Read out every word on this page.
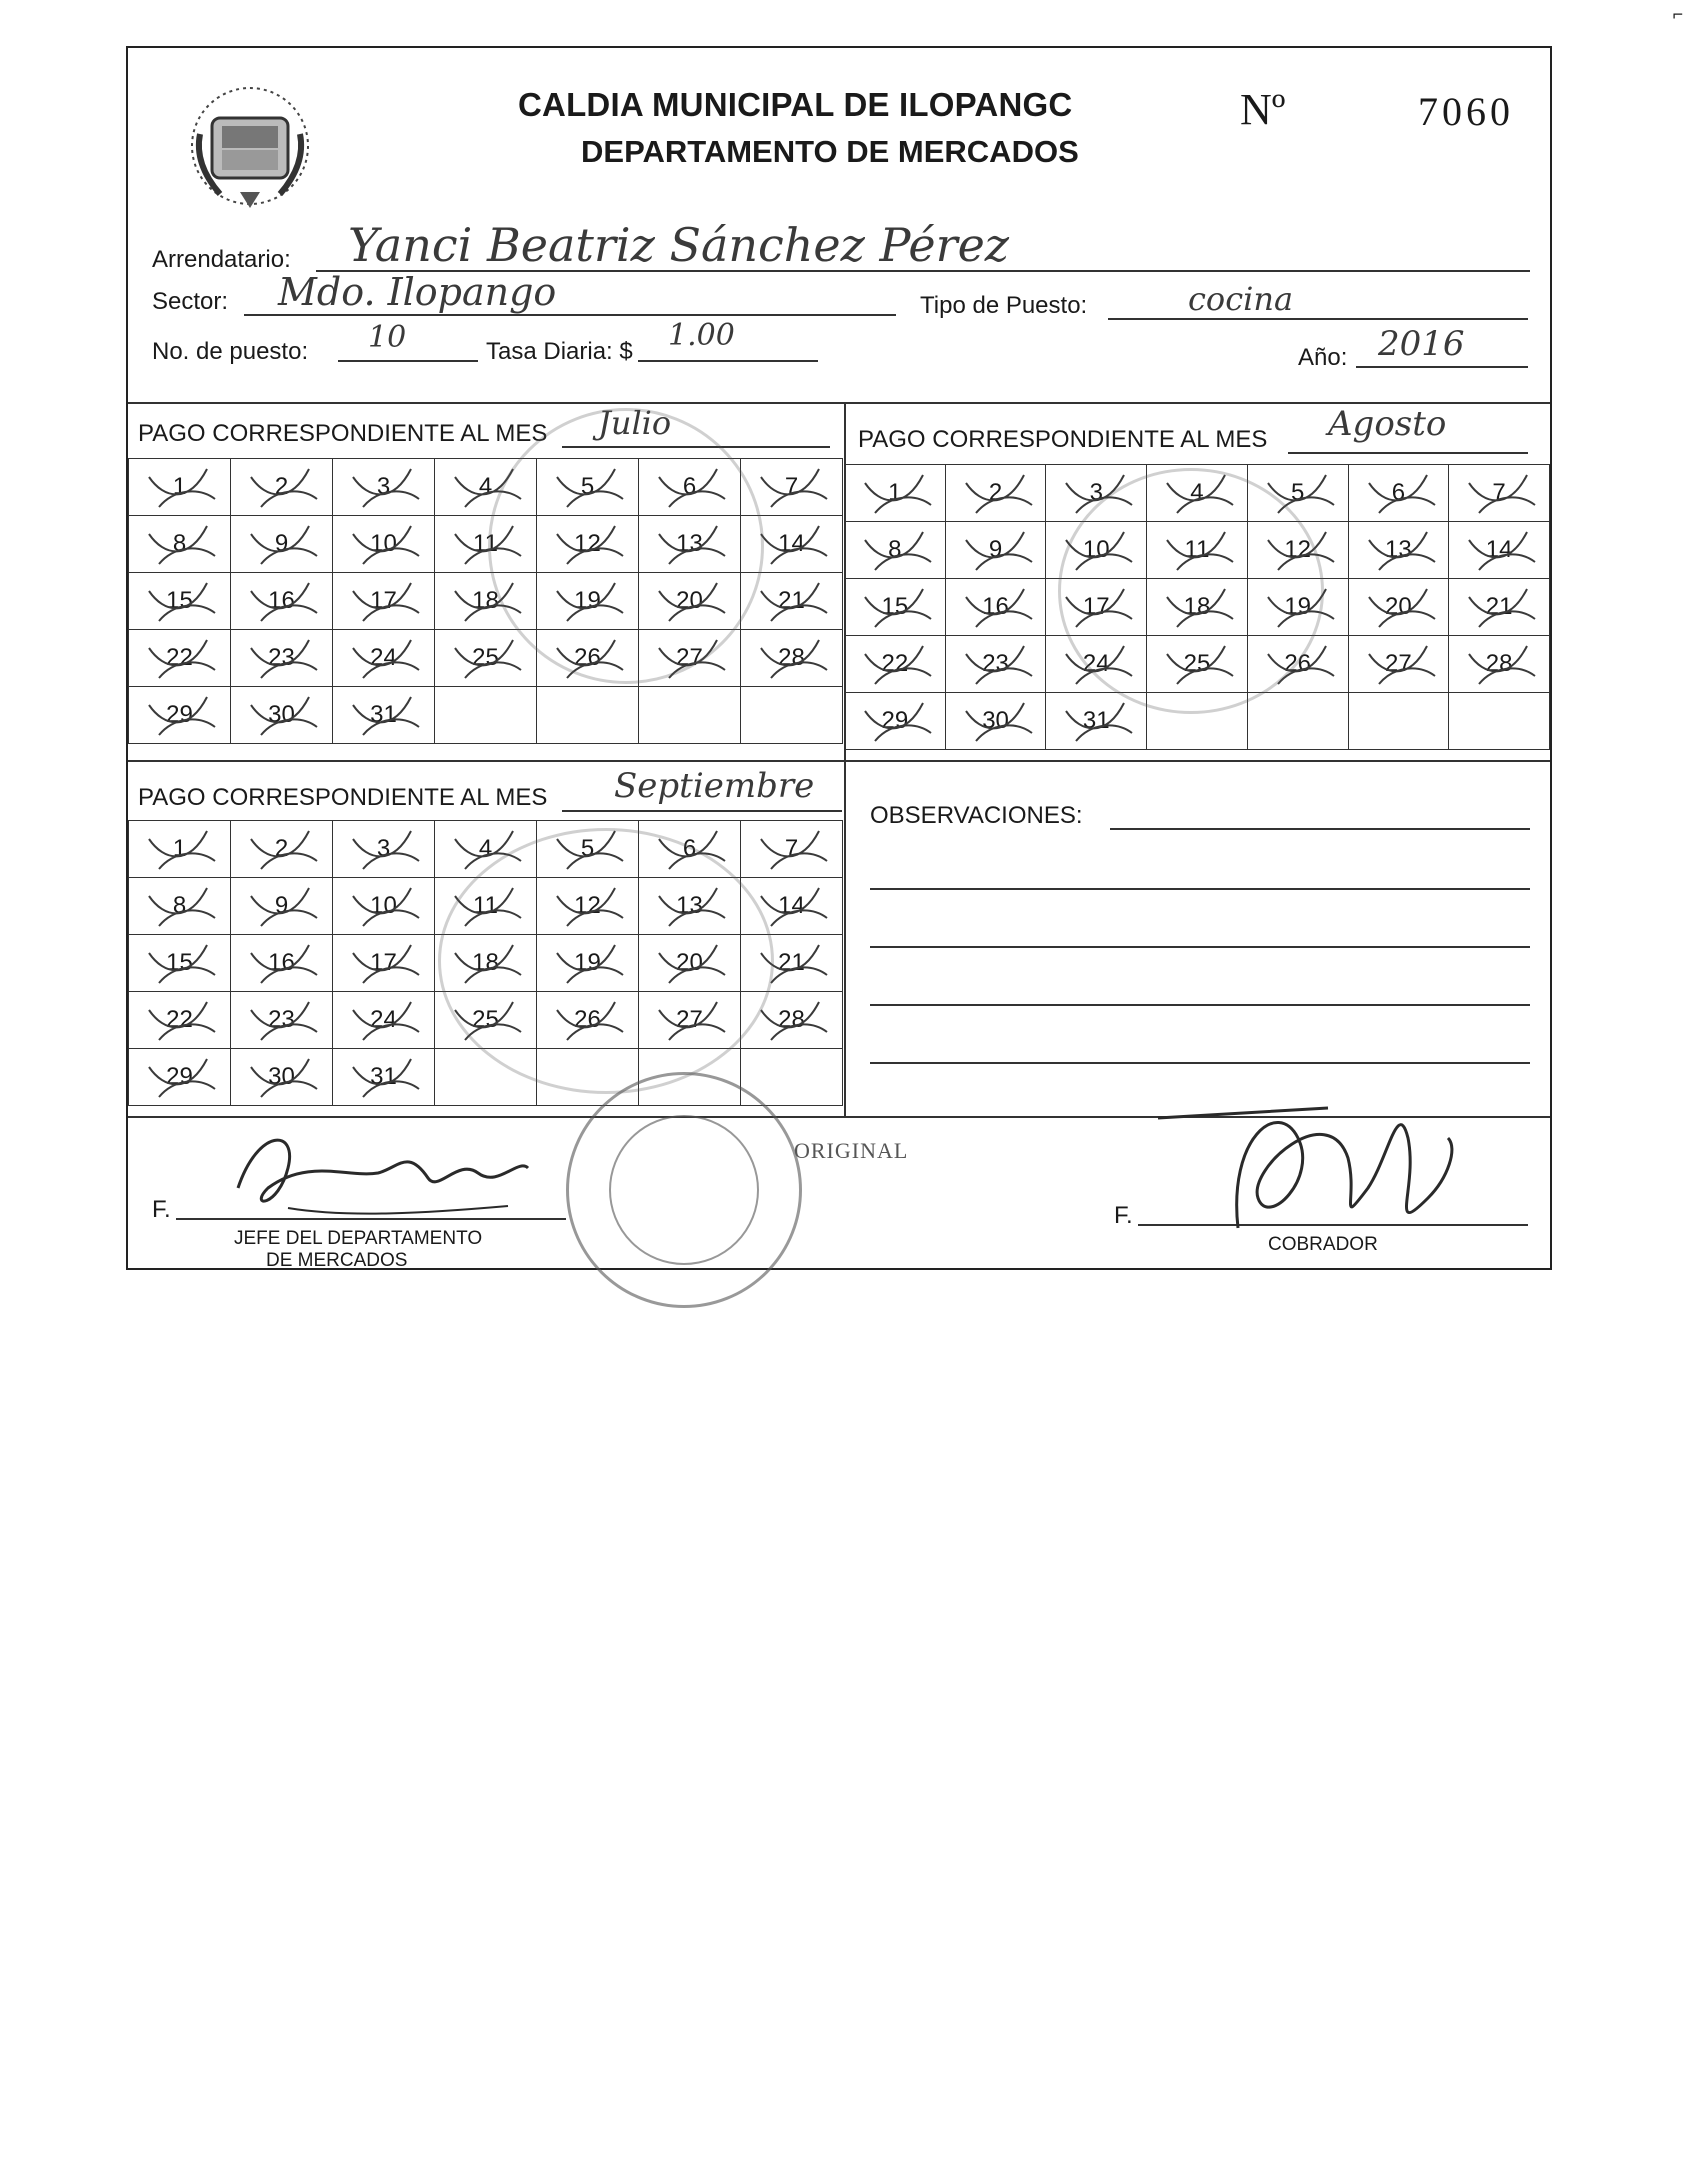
CALDIA MUNICIPAL DE ILOPANGC
DEPARTAMENTO DE MERCADOS
Nº	7060
Arrendatario: Yanci Beatriz Sánchez Pérez
Sector: Mdo. Ilopango	Tipo de Puesto:	cocina
No. de puesto: 10	Tasa Diaria: $ 1.00
Año: 2016
PAGO CORRESPONDIENTE AL MES Julio
1	2	3	4	5	6	7

8	9	10	11	12	13	14

15	16	17	18	19	20	21

22	23	24	25	26	27	28

29	30	31

PAGO CORRESPONDIENTE AL MES Agosto
1	2	3	4	5	6	7

8	9	10	11	12	13	14

15	16	17	18	19	20	21

22	23	24	25	26	27	28

29	30	31

PAGO CORRESPONDIENTE AL MES Septiembre
1	2	3	4	5	6	7

8	9	10	11	12	13	14

15	16	17	18	19	20	21

22	23	24	25	26	27	28

29	30	31

OBSERVACIONES:
ORIGINAL
F.
JEFE DEL DEPARTAMENTO
DE MERCADOS
F.
COBRADOR
⌐
